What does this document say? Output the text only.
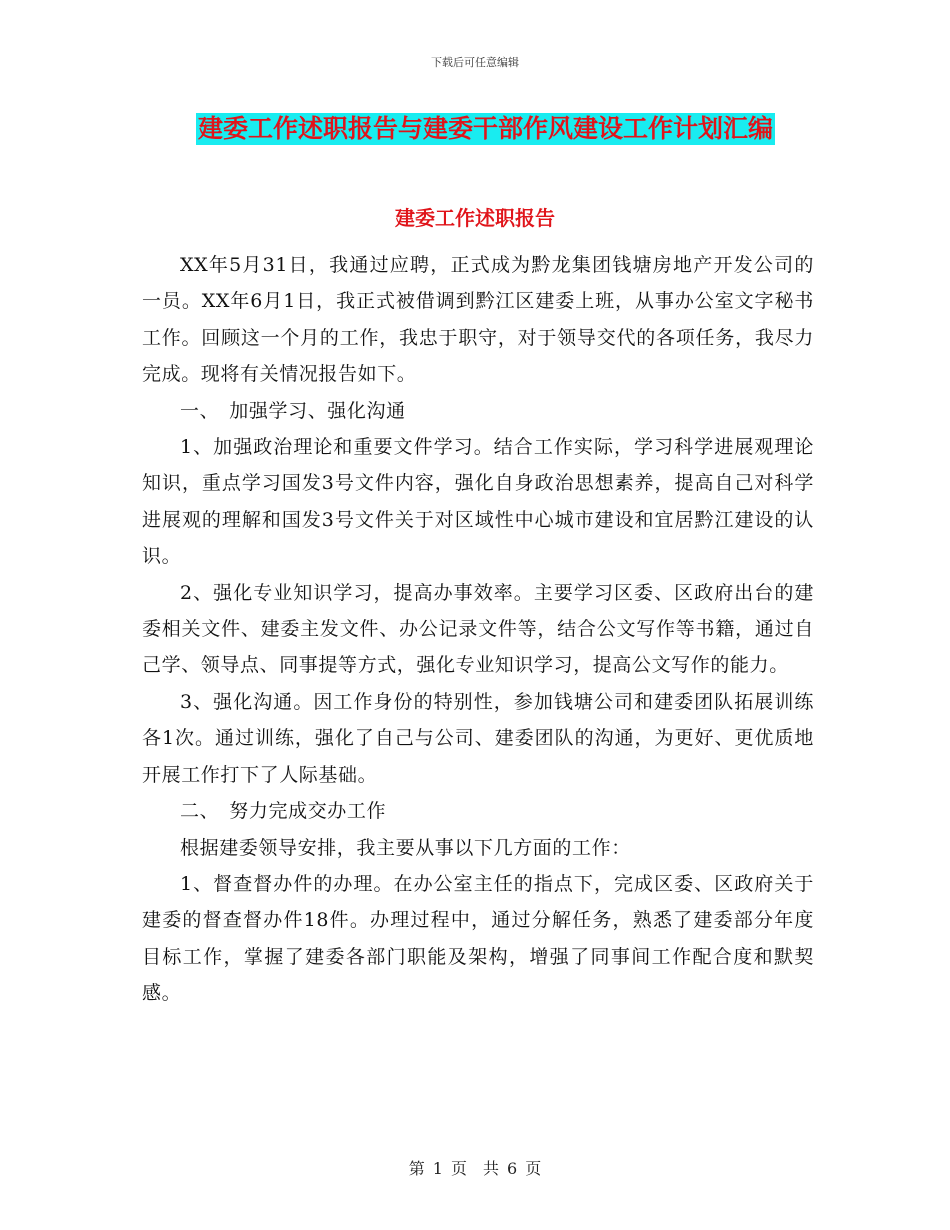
下载后可任意编辑
建委工作述职报告与建委干部作风建设工作计划汇编
建委工作述职报告

XX年5月31日，我通过应聘，正式成为黔龙集团钱塘房地产开发公司的一员。XX年6月1日，我正式被借调到黔江区建委上班，从事办公室文字秘书工作。回顾这一个月的工作，我忠于职守，对于领导交代的各项任务，我尽力完成。现将有关情况报告如下。

一、　加强学习、强化沟通

1、加强政治理论和重要文件学习。结合工作实际，学习科学进展观理论知识，重点学习国发3号文件内容，强化自身政治思想素养，提高自己对科学进展观的理解和国发3号文件关于对区域性中心城市建设和宜居黔江建设的认识。

2、强化专业知识学习，提高办事效率。主要学习区委、区政府出台的建委相关文件、建委主发文件、办公记录文件等，结合公文写作等书籍，通过自己学、领导点、同事提等方式，强化专业知识学习，提高公文写作的能力。

3、强化沟通。因工作身份的特别性，参加钱塘公司和建委团队拓展训练各1次。通过训练，强化了自己与公司、建委团队的沟通，为更好、更优质地开展工作打下了人际基础。

二、　努力完成交办工作

根据建委领导安排，我主要从事以下几方面的工作：

1、督查督办件的办理。在办公室主任的指点下，完成区委、区政府关于建委的督查督办件18件。办理过程中，通过分解任务，熟悉了建委部分年度目标工作，掌握了建委各部门职能及架构，增强了同事间工作配合度和默契感。

第 1 页　共 6 页
